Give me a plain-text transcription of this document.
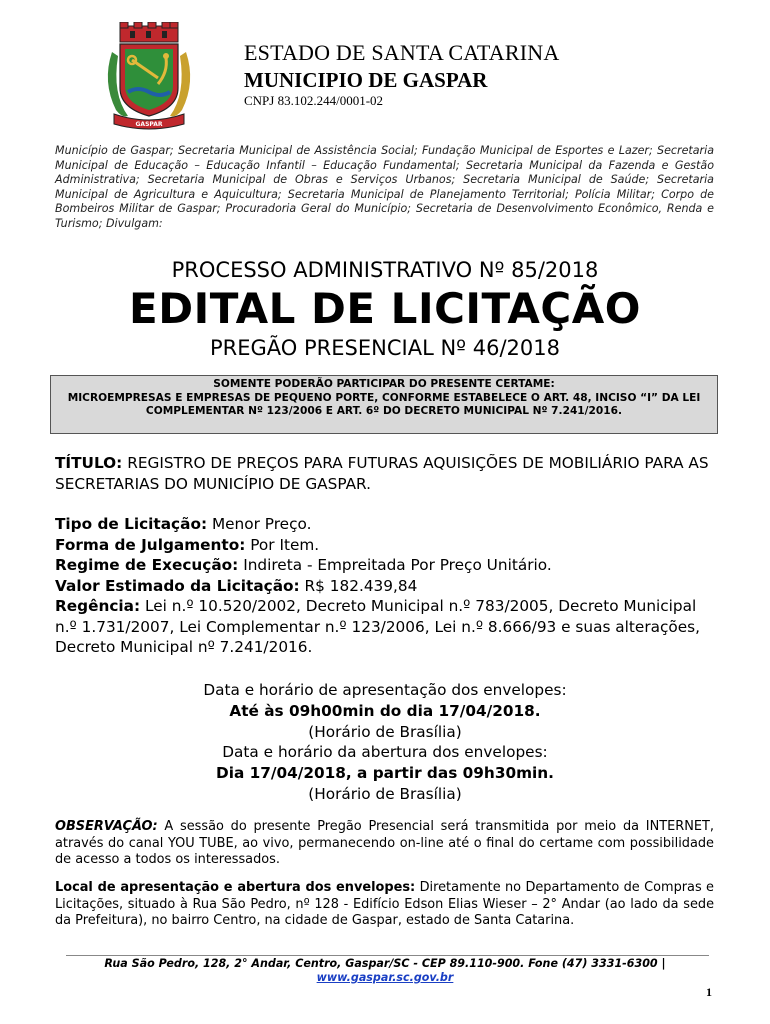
GASPAR
ESTADO DE SANTA CATARINA
MUNICIPIO DE GASPAR
CNPJ 83.102.244/0001-02
Município de Gaspar; Secretaria Municipal de Assistência Social; Fundação Municipal de Esportes e Lazer; Secretaria Municipal de Educação – Educação Infantil – Educação Fundamental; Secretaria Municipal da Fazenda e Gestão Administrativa; Secretaria Municipal de Obras e Serviços Urbanos; Secretaria Municipal de Saúde; Secretaria Municipal de Agricultura e Aquicultura; Secretaria Municipal de Planejamento Territorial; Polícia Militar; Corpo de Bombeiros Militar de Gaspar; Procuradoria Geral do Município; Secretaria de Desenvolvimento Econômico, Renda e Turismo; Divulgam:
PROCESSO ADMINISTRATIVO Nº 85/2018
EDITAL DE LICITAÇÃO
PREGÃO PRESENCIAL Nº 46/2018
SOMENTE PODERÃO PARTICIPAR DO PRESENTE CERTAME:
MICROEMPRESAS E EMPRESAS DE PEQUENO PORTE, CONFORME ESTABELECE O ART. 48, INCISO “I” DA LEI COMPLEMENTAR Nº 123/2006 E ART. 6º DO DECRETO MUNICIPAL Nº 7.241/2016.
TÍTULO: REGISTRO DE PREÇOS PARA FUTURAS AQUISIÇÕES DE MOBILIÁRIO PARA AS SECRETARIAS DO MUNICÍPIO DE GASPAR.
Tipo de Licitação: Menor Preço.
Forma de Julgamento: Por Item.
Regime de Execução: Indireta - Empreitada Por Preço Unitário.
Valor Estimado da Licitação: R$ 182.439,84
Regência: Lei n.º 10.520/2002, Decreto Municipal n.º 783/2005, Decreto Municipal n.º 1.731/2007, Lei Complementar n.º 123/2006, Lei n.º 8.666/93 e suas alterações, Decreto Municipal nº 7.241/2016.
Data e horário de apresentação dos envelopes:
Até às 09h00min do dia 17/04/2018.
(Horário de Brasília)
Data e horário da abertura dos envelopes:
Dia 17/04/2018, a partir das 09h30min.
(Horário de Brasília)
OBSERVAÇÃO: A sessão do presente Pregão Presencial será transmitida por meio da INTERNET, através do canal YOU TUBE, ao vivo, permanecendo on-line até o final do certame com possibilidade de acesso a todos os interessados.
Local de apresentação e abertura dos envelopes: Diretamente no Departamento de Compras e Licitações, situado à Rua São Pedro, nº 128 - Edifício Edson Elias Wieser – 2° Andar (ao lado da sede da Prefeitura), no bairro Centro, na cidade de Gaspar, estado de Santa Catarina.
Rua São Pedro, 128, 2° Andar, Centro, Gaspar/SC - CEP 89.110-900. Fone (47) 3331-6300 |
www.gaspar.sc.gov.br
1
